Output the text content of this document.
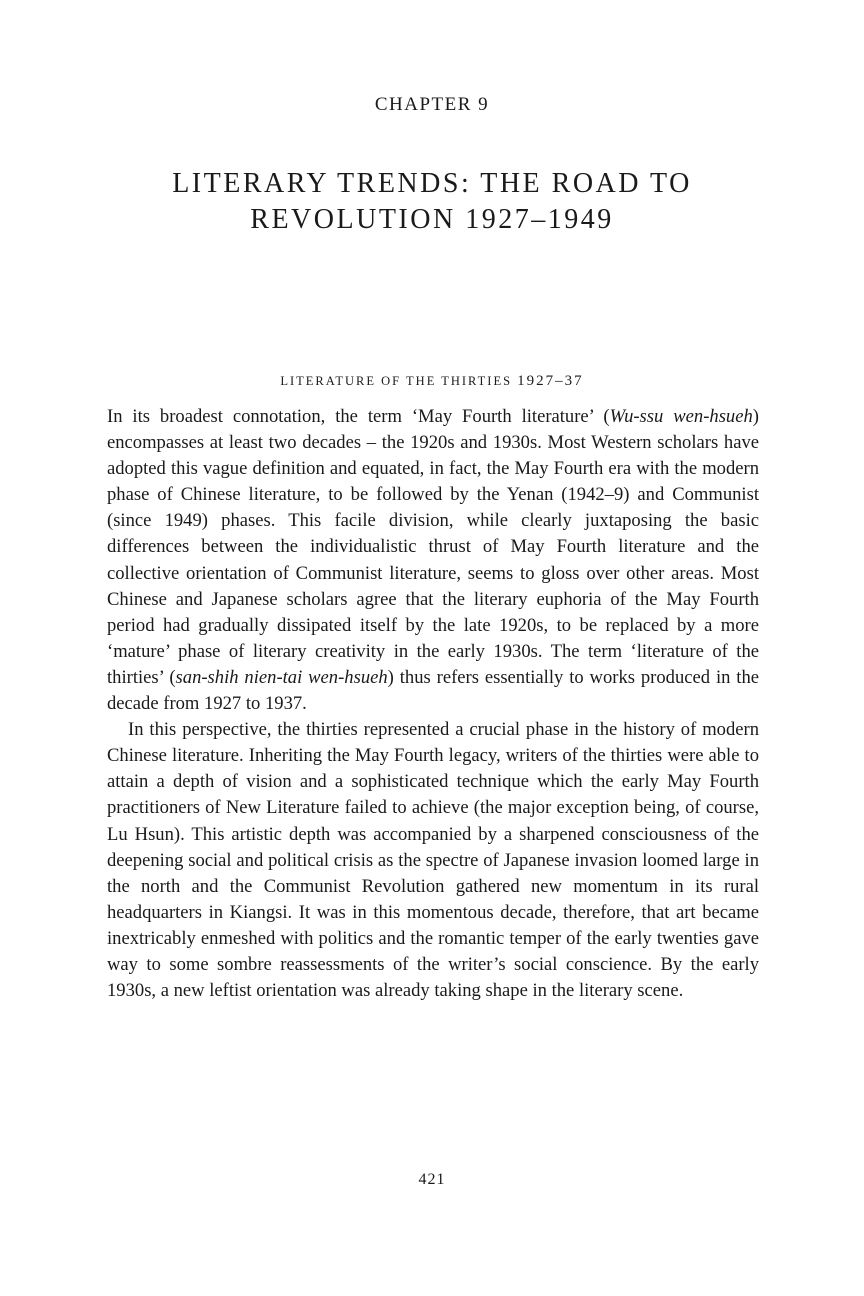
CHAPTER 9
LITERARY TRENDS: THE ROAD TO
REVOLUTION 1927–1949
LITERATURE OF THE THIRTIES 1927–37

In its broadest connotation, the term ‘May Fourth literature’ (Wu-ssu wen-hsueh) encompasses at least two decades – the 1920s and 1930s. Most Western scholars have adopted this vague definition and equated, in fact, the May Fourth era with the modern phase of Chinese literature, to be followed by the Yenan (1942–9) and Communist (since 1949) phases. This facile division, while clearly juxtaposing the basic differences between the individualistic thrust of May Fourth literature and the collective orientation of Communist literature, seems to gloss over other areas. Most Chinese and Japanese scholars agree that the literary euphoria of the May Fourth period had gradually dissipated itself by the late 1920s, to be replaced by a more ‘mature’ phase of literary creativity in the early 1930s. The term ‘literature of the thirties’ (san-shih nien-tai wen-hsueh) thus refers essentially to works produced in the decade from 1927 to 1937.

In this perspective, the thirties represented a crucial phase in the history of modern Chinese literature. Inheriting the May Fourth legacy, writers of the thirties were able to attain a depth of vision and a sophisticated technique which the early May Fourth practitioners of New Literature failed to achieve (the major exception being, of course, Lu Hsun). This artistic depth was accompanied by a sharpened consciousness of the deepening social and political crisis as the spectre of Japanese invasion loomed large in the north and the Communist Revolution gathered new momentum in its rural headquarters in Kiangsi. It was in this momentous decade, therefore, that art became inextricably enmeshed with politics and the romantic temper of the early twenties gave way to some sombre reassessments of the writer’s social conscience. By the early 1930s, a new leftist orientation was already taking shape in the literary scene.

421
